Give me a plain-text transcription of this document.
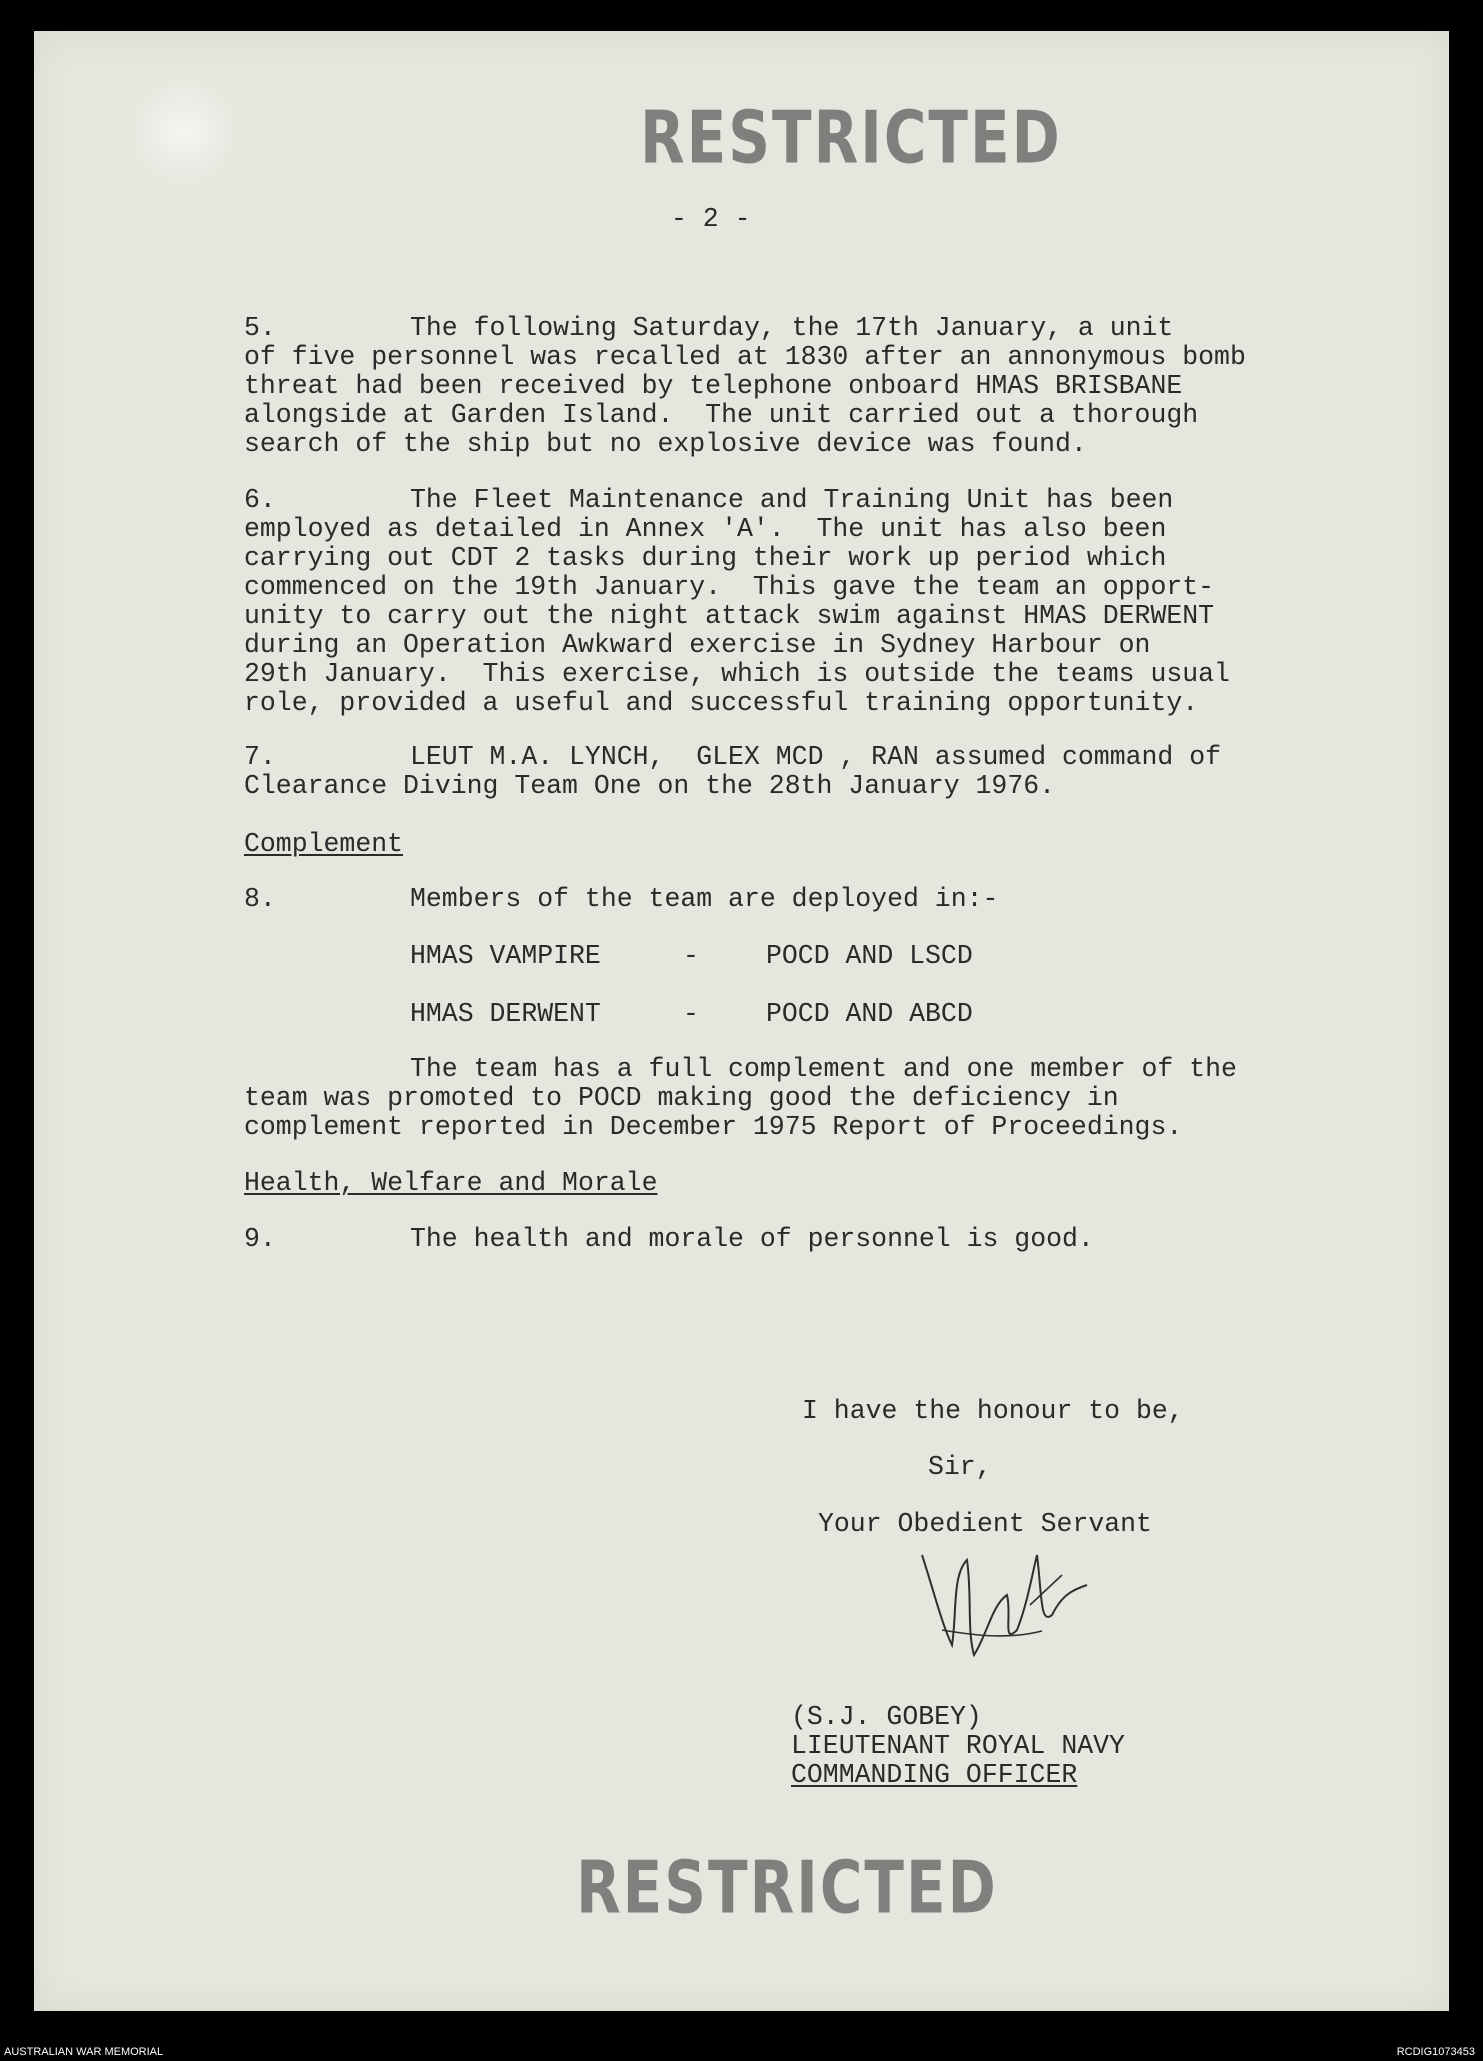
RESTRICTED
- 2 -
5.	The following Saturday, the 17th January, a unit
of five personnel was recalled at 1830 after an annonymous bomb
threat had been received by telephone onboard HMAS BRISBANE
alongside at Garden Island.  The unit carried out a thorough
search of the ship but no explosive device was found.
6.	The Fleet Maintenance and Training Unit has been
employed as detailed in Annex 'A'.  The unit has also been
carrying out CDT 2 tasks during their work up period which
commenced on the 19th January.  This gave the team an opport-
unity to carry out the night attack swim against HMAS DERWENT
during an Operation Awkward exercise in Sydney Harbour on
29th January.  This exercise, which is outside the teams usual
role, provided a useful and successful training opportunity.
7.	LEUT M.A. LYNCH,  GLEX MCD , RAN assumed command of
Clearance Diving Team One on the 28th January 1976.
Complement
8.	Members of the team are deployed in:-
HMAS VAMPIRE	-	POCD AND LSCD
HMAS DERWENT	-	POCD AND ABCD
The team has a full complement and one member of the
team was promoted to POCD making good the deficiency in
complement reported in December 1975 Report of Proceedings.
Health, Welfare and Morale
9.	The health and morale of personnel is good.
I have the honour to be,
Sir,
Your Obedient Servant
(S.J. GOBEY)
LIEUTENANT ROYAL NAVY
COMMANDING OFFICER
RESTRICTED
AUSTRALIAN WAR MEMORIAL	RCDIG1073453
